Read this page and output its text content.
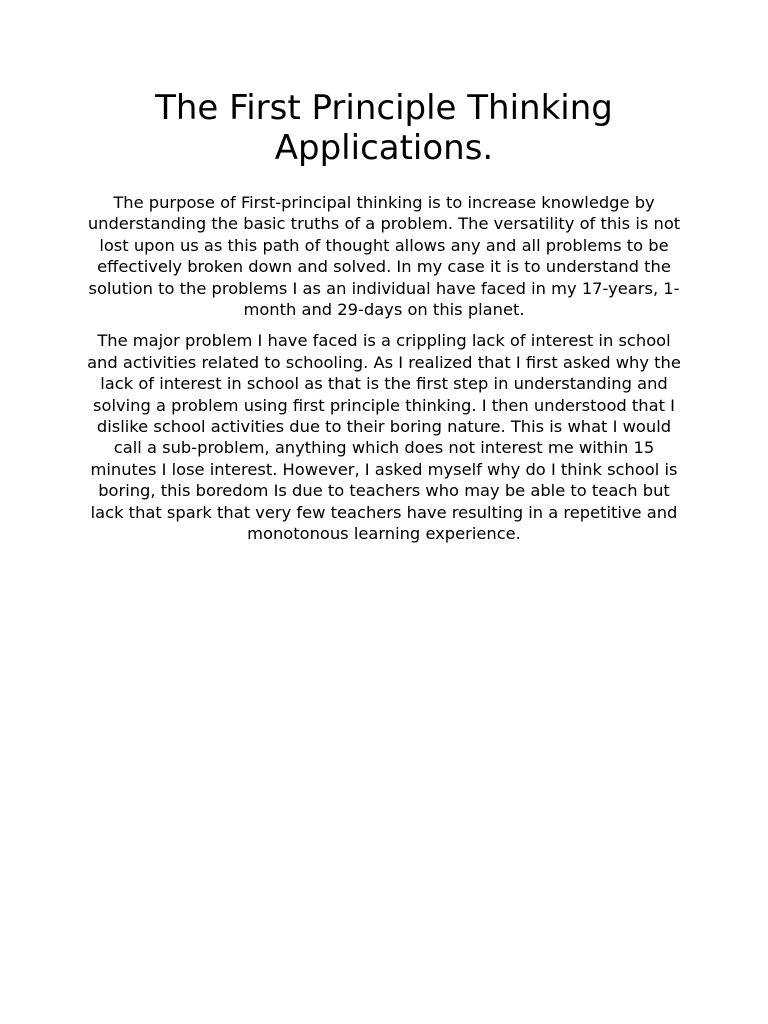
The First Principle Thinking Applications.

The purpose of First-principal thinking is to increase knowledge by understanding the basic truths of a problem. The versatility of this is not lost upon us as this path of thought allows any and all problems to be effectively broken down and solved. In my case it is to understand the solution to the problems I as an individual have faced in my 17-years, 1-month and 29-days on this planet.

The major problem I have faced is a crippling lack of interest in school and activities related to schooling. As I realized that I first asked why the lack of interest in school as that is the first step in understanding and solving a problem using first principle thinking. I then understood that I dislike school activities due to their boring nature. This is what I would call a sub-problem, anything which does not interest me within 15 minutes I lose interest. However, I asked myself why do I think school is boring, this boredom Is due to teachers who may be able to teach but lack that spark that very few teachers have resulting in a repetitive and monotonous learning experience.
